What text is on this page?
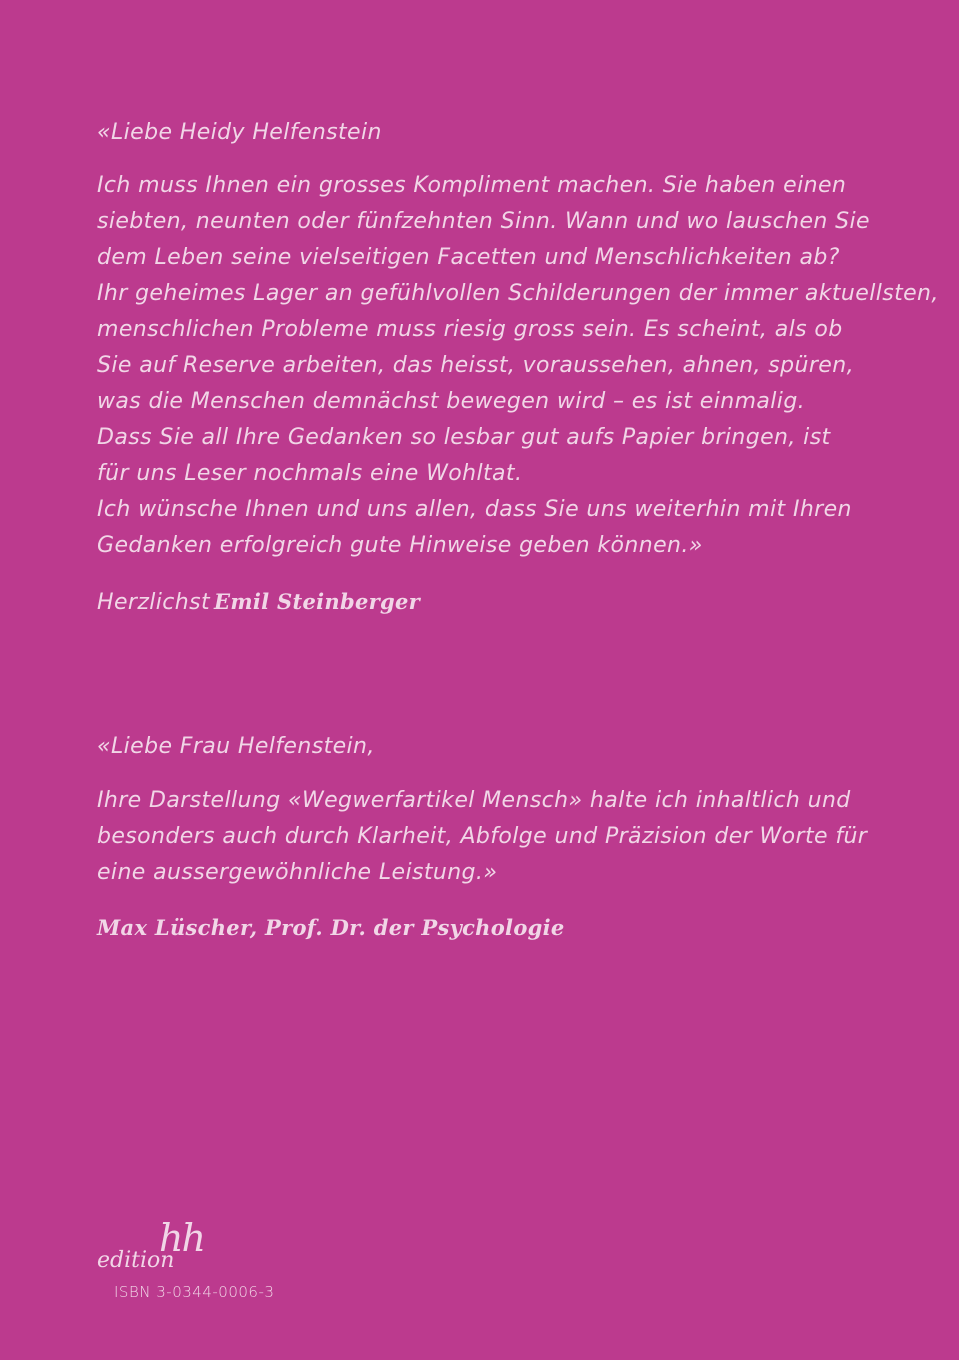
«Liebe Heidy Helfenstein
Ich muss Ihnen ein grosses Kompliment machen. Sie haben einen
siebten, neunten oder fünfzehnten Sinn. Wann und wo lauschen Sie
dem Leben seine vielseitigen Facetten und Menschlichkeiten ab?
Ihr geheimes Lager an gefühlvollen Schilderungen der immer aktuellsten,
menschlichen Probleme muss riesig gross sein. Es scheint, als ob
Sie auf Reserve arbeiten, das heisst, voraussehen, ahnen, spüren,
was die Menschen demnächst bewegen wird – es ist einmalig.
Dass Sie all Ihre Gedanken so lesbar gut aufs Papier bringen, ist
für uns Leser nochmals eine Wohltat.
Ich wünsche Ihnen und uns allen, dass Sie uns weiterhin mit Ihren
Gedanken erfolgreich gute Hinweise geben können.»
Herzlichst Emil Steinberger
«Liebe Frau Helfenstein,
Ihre Darstellung «Wegwerfartikel Mensch» halte ich inhaltlich und
besonders auch durch Klarheit, Abfolge und Präzision der Worte für
eine aussergewöhnliche Leistung.»
Max Lüscher, Prof. Dr. der Psychologie
hh
edition
ISBN 3-0344-0006-3
